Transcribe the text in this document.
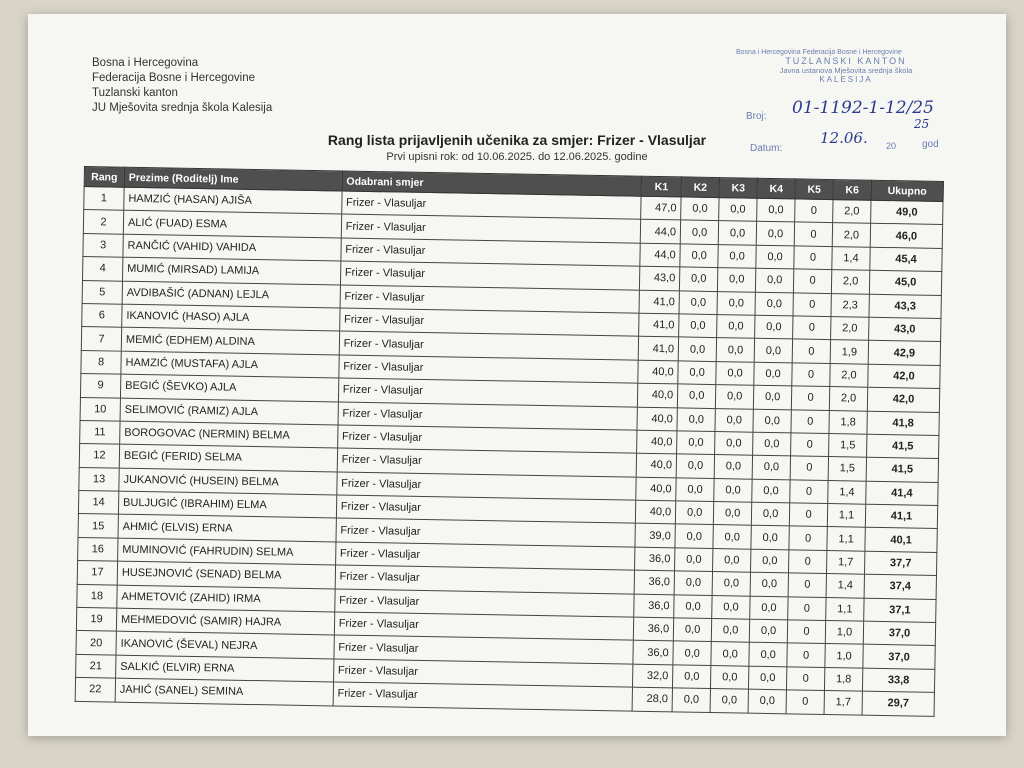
Bosna i Hercegovina
Federacija Bosne i Hercegovine
Tuzlanski kanton
JU Mješovita srednja škola Kalesija
Bosna i Hercegovina Federacija Bosne i Hercegovine
TUZLANSKI KANTON
Javna ustanova Mješovita srednja škola
KALESIJA
Broj: 01-1192-1-12/25
Datum:
12.06.
25
20	god
Rang lista prijavljenih učenika za smjer: Frizer - Vlasuljar
Prvi upisni rok: od 10.06.2025. do 12.06.2025. godine
Rang	Prezime (Roditelj) Ime	Odabrani smjer	K1	K2	K3	K4	K5	K6	Ukupno
1	HAMZIĆ (HASAN) AJIŠA	Frizer - Vlasuljar	47,0	0,0	0,0	0,0	0	2,0	49,0
2	ALIĆ (FUAD) ESMA	Frizer - Vlasuljar	44,0	0,0	0,0	0,0	0	2,0	46,0
3	RANČIĆ (VAHID) VAHIDA	Frizer - Vlasuljar	44,0	0,0	0,0	0,0	0	1,4	45,4
4	MUMIĆ (MIRSAD) LAMIJA	Frizer - Vlasuljar	43,0	0,0	0,0	0,0	0	2,0	45,0
5	AVDIBAŠIĆ (ADNAN) LEJLA	Frizer - Vlasuljar	41,0	0,0	0,0	0,0	0	2,3	43,3
6	IKANOVIĆ (HASO) AJLA	Frizer - Vlasuljar	41,0	0,0	0,0	0,0	0	2,0	43,0
7	MEMIĆ (EDHEM) ALDINA	Frizer - Vlasuljar	41,0	0,0	0,0	0,0	0	1,9	42,9
8	HAMZIĆ (MUSTAFA) AJLA	Frizer - Vlasuljar	40,0	0,0	0,0	0,0	0	2,0	42,0
9	BEGIĆ (ŠEVKO) AJLA	Frizer - Vlasuljar	40,0	0,0	0,0	0,0	0	2,0	42,0
10	SELIMOVIĆ (RAMIZ) AJLA	Frizer - Vlasuljar	40,0	0,0	0,0	0,0	0	1,8	41,8
11	BOROGOVAC (NERMIN) BELMA	Frizer - Vlasuljar	40,0	0,0	0,0	0,0	0	1,5	41,5
12	BEGIĆ (FERID) SELMA	Frizer - Vlasuljar	40,0	0,0	0,0	0,0	0	1,5	41,5
13	JUKANOVIĆ (HUSEIN) BELMA	Frizer - Vlasuljar	40,0	0,0	0,0	0,0	0	1,4	41,4
14	BULJUGIĆ (IBRAHIM) ELMA	Frizer - Vlasuljar	40,0	0,0	0,0	0,0	0	1,1	41,1
15	AHMIĆ (ELVIS) ERNA	Frizer - Vlasuljar	39,0	0,0	0,0	0,0	0	1,1	40,1
16	MUMINOVIĆ (FAHRUDIN) SELMA	Frizer - Vlasuljar	36,0	0,0	0,0	0,0	0	1,7	37,7
17	HUSEJNOVIĆ (SENAD) BELMA	Frizer - Vlasuljar	36,0	0,0	0,0	0,0	0	1,4	37,4
18	AHMETOVIĆ (ZAHID) IRMA	Frizer - Vlasuljar	36,0	0,0	0,0	0,0	0	1,1	37,1
19	MEHMEDOVIĆ (SAMIR) HAJRA	Frizer - Vlasuljar	36,0	0,0	0,0	0,0	0	1,0	37,0
20	IKANOVIĆ (ŠEVAL) NEJRA	Frizer - Vlasuljar	36,0	0,0	0,0	0,0	0	1,0	37,0
21	SALKIĆ (ELVIR) ERNA	Frizer - Vlasuljar	32,0	0,0	0,0	0,0	0	1,8	33,8
22	JAHIĆ (SANEL) SEMINA	Frizer - Vlasuljar	28,0	0,0	0,0	0,0	0	1,7	29,7
